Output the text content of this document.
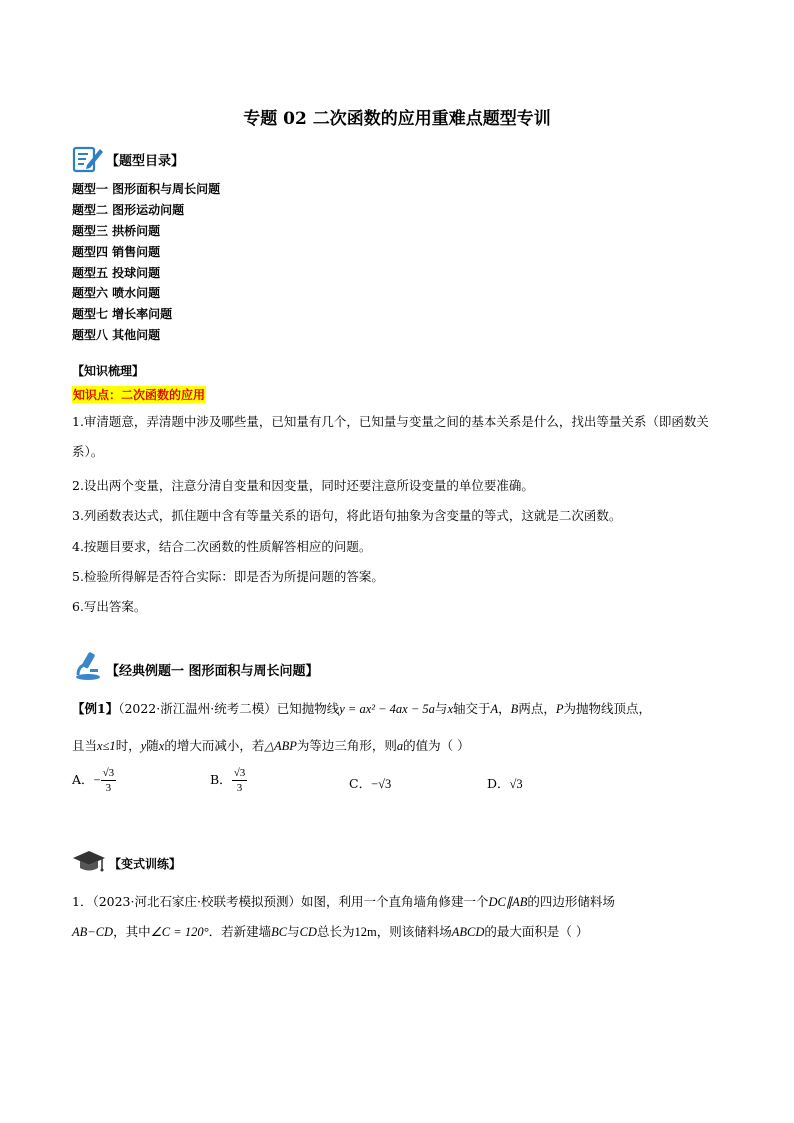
专题 02 二次函数的应用重难点题型专训
【题型目录】
题型一 图形面积与周长问题
题型二 图形运动问题
题型三 拱桥问题
题型四 销售问题
题型五 投球问题
题型六 喷水问题
题型七 增长率问题
题型八 其他问题
【知识梳理】
知识点：二次函数的应用
1.审清题意，弄清题中涉及哪些量，已知量有几个，已知量与变量之间的基本关系是什么，找出等量关系（即函数关系）。
2.设出两个变量，注意分清自变量和因变量，同时还要注意所设变量的单位要准确。
3.列函数表达式，抓住题中含有等量关系的语句，将此语句抽象为含变量的等式，这就是二次函数。
4.按题目要求，结合二次函数的性质解答相应的问题。
5.检验所得解是否符合实际：即是否为所提问题的答案。
6.写出答案。
【经典例题一 图形面积与周长问题】
【例1】（2022·浙江温州·统考二模）已知抛物线y = ax² − 4ax − 5a与x轴交于A，B两点，P为抛物线顶点，
且当x≤1时，y随x的增大而减小，若△ABP为等边三角形，则a的值为（ ）
A．− $\frac{√3}{3}$	B． $\frac{√3}{3}$	C．−√3	D．√3
【变式训练】
1．（2023·河北石家庄·校联考模拟预测）如图，利用一个直角墙角修建一个DC∥AB的四边形储料场
AB−CD，其中∠C = 120°．若新建墙BC与CD总长为12m，则该储料场ABCD的最大面积是（ ）
